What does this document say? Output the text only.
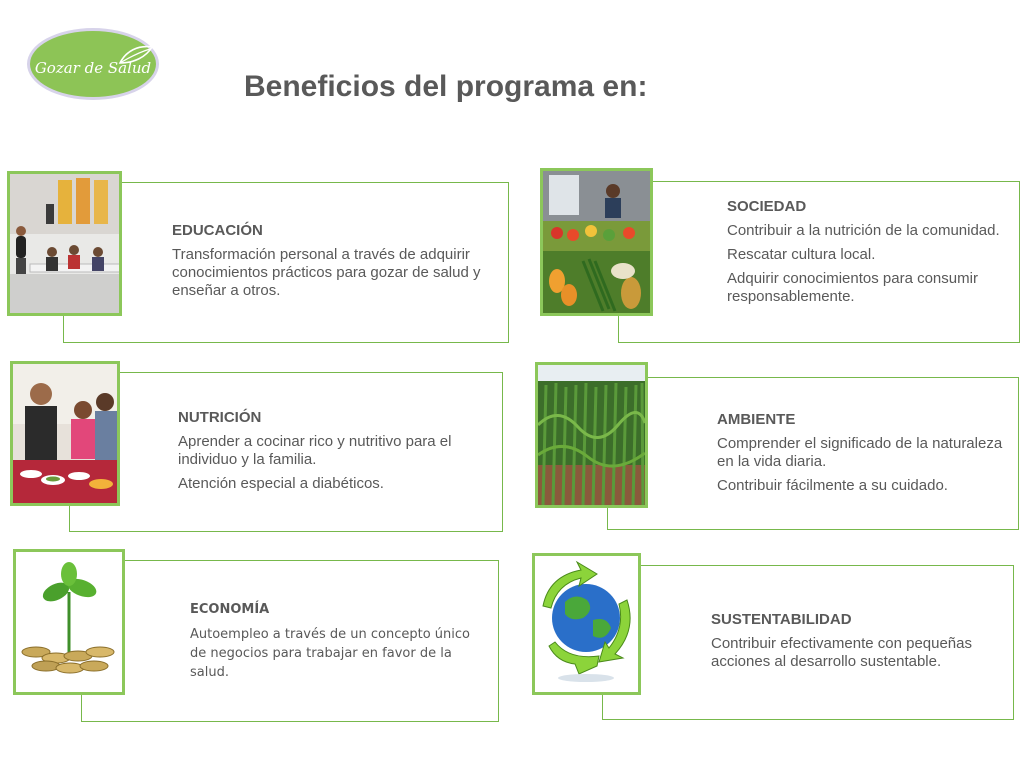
Gozar de Salud
Beneficios del programa en:
EDUCACIÓN
Transformación personal a través de adquirir conocimientos prácticos para gozar de salud y enseñar a otros.
SOCIEDAD
Contribuir a la nutrición de la comunidad.
Rescatar cultura local.
Adquirir conocimientos para consumir responsablemente.
NUTRICIÓN
Aprender a cocinar rico y nutritivo para el individuo y la familia.
Atención especial a diabéticos.
AMBIENTE
Comprender el significado de la naturaleza en la vida diaria.
Contribuir fácilmente a su cuidado.
ECONOMÍA
Autoempleo a través de un concepto único de negocios para trabajar en favor de la salud.
SUSTENTABILIDAD
Contribuir efectivamente con pequeñas acciones al desarrollo sustentable.
